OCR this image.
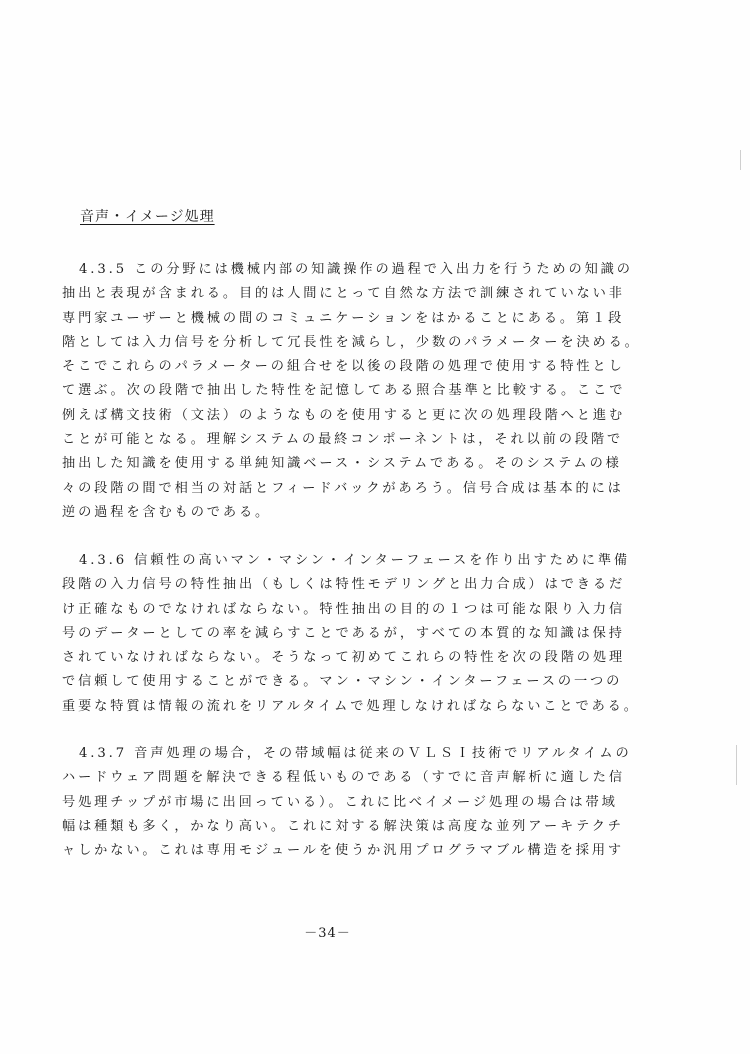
音声・イメージ処理

4.3.5 この分野には機械内部の知識操作の過程で入出力を行うための知識の
抽出と表現が含まれる。目的は人間にとって自然な方法で訓練されていない非
専門家ユーザーと機械の間のコミュニケーションをはかることにある。第１段
階としては入力信号を分析して冗長性を減らし，少数のパラメーターを決める。
そこでこれらのパラメーターの組合せを以後の段階の処理で使用する特性とし
て選ぶ。次の段階で抽出した特性を記憶してある照合基準と比較する。ここで
例えば構文技術（文法）のようなものを使用すると更に次の処理段階へと進む
ことが可能となる。理解システムの最終コンポーネントは，それ以前の段階で
抽出した知識を使用する単純知識ベース・システムである。そのシステムの様
々の段階の間で相当の対話とフィードバックがあろう。信号合成は基本的には
逆の過程を含むものである。

4.3.6 信頼性の高いマン・マシン・インターフェースを作り出すために準備
段階の入力信号の特性抽出（もしくは特性モデリングと出力合成）はできるだ
け正確なものでなければならない。特性抽出の目的の１つは可能な限り入力信
号のデーターとしての率を減らすことであるが，すべての本質的な知識は保持
されていなければならない。そうなって初めてこれらの特性を次の段階の処理
で信頼して使用することができる。マン・マシン・インターフェースの一つの
重要な特質は情報の流れをリアルタイムで処理しなければならないことである。

4.3.7 音声処理の場合，その帯域幅は従来のＶＬＳＩ技術でリアルタイムの
ハードウェア問題を解決できる程低いものである（すでに音声解析に適した信
号処理チップが市場に出回っている）。これに比べイメージ処理の場合は帯域
幅は種類も多く，かなり高い。これに対する解決策は高度な並列アーキテクチ
ャしかない。これは専用モジュールを使うか汎用プログラマブル構造を採用す

－34－
